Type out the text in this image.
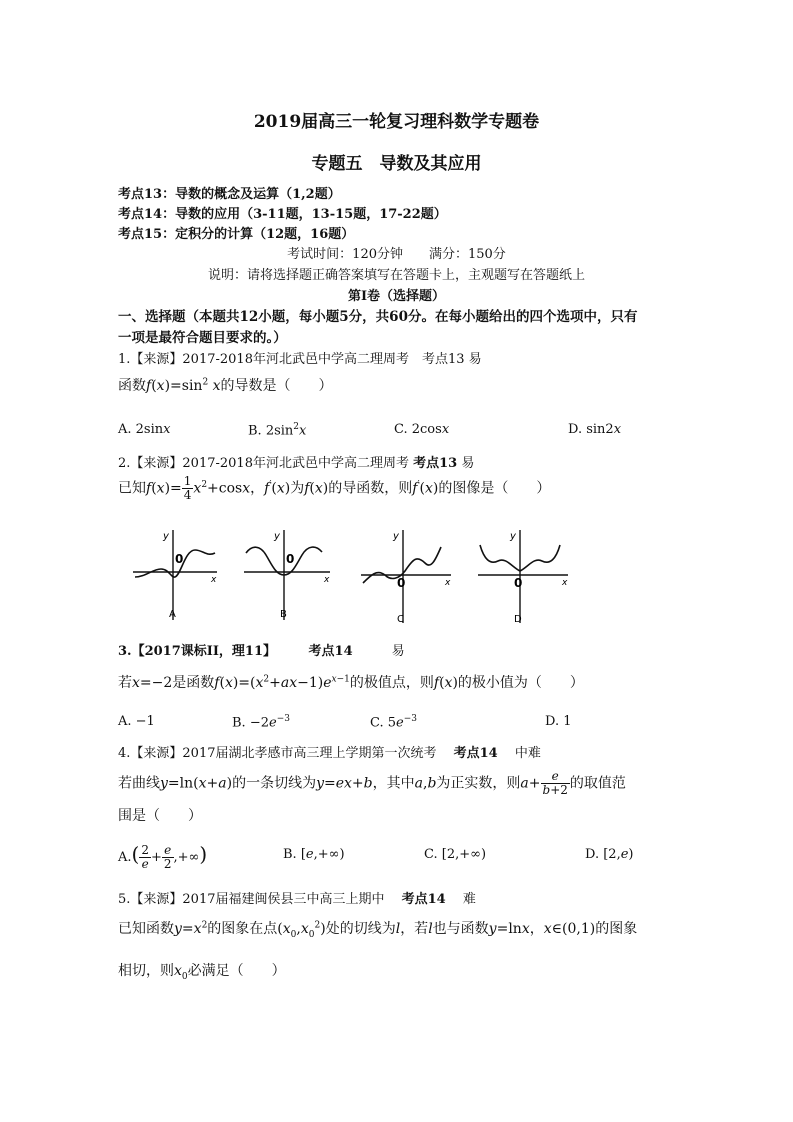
2019届高三一轮复习理科数学专题卷
专题五　导数及其应用
考点13：导数的概念及运算（1,2题）
考点14：导数的应用（3-11题，13-15题，17-22题）
考点15：定积分的计算（12题，16题）
考试时间：120分钟　　满分：150分
说明：请将选择题正确答案填写在答题卡上，主观题写在答题纸上
第I卷（选择题）
一、选择题（本题共12小题，每小题5分，共60分。在每小题给出的四个选项中，只有
一项是最符合题目要求的。）
1.【来源】2017-2018年河北武邑中学高二理周考　考点13 易
函数$f(x)=\sin^2$ x的导数是（　　）
A. 2sinx	B. $2\sin^2x$	C. 2cosx	D. sin2x
2.【来源】2017-2018年河北武邑中学高二理周考 考点13 易
已知$f(x)= \frac{1}{4} x^2+\cos x$，f′(x)为f(x)的导函数，则f′(x)的图像是（　　）
y
0
x
A
y
0
x
B
y
0	x
C
y
0	x
D
3.【2017课标II，理11】　　　	考点14　　　	易
若x=−2是函数$f(x)=(x^2+ax-1)e^{x-1}$的极值点，则f(x)的极小值为（　　）
A. −1	B. $-2e^{-3}$	C. $5e^{-3}$	D. 1
4.【来源】2017届湖北孝感市高三理上学期第一次统考　 考点14　 中难
若曲线y=ln(x+a)的一条切线为y=ex+b，其中a,b为正实数，则$a+ \frac{e}{b+2}$ 的取值范
围是（　　）
$A.( \frac{2}{e} + \frac{e}{2}$ ,+∞)	B. [e,+∞)	C. [2,+∞)	D. [2,e)
5.【来源】2017届福建闽侯县三中高三上期中　 考点14　 难
已知函数$y=x^2$的图象在点$(x_0,x_0^2)$处的切线为l，若l也与函数y=lnx，x∈(0,1)的图象
相切，则$x_0$必满足（　　）
